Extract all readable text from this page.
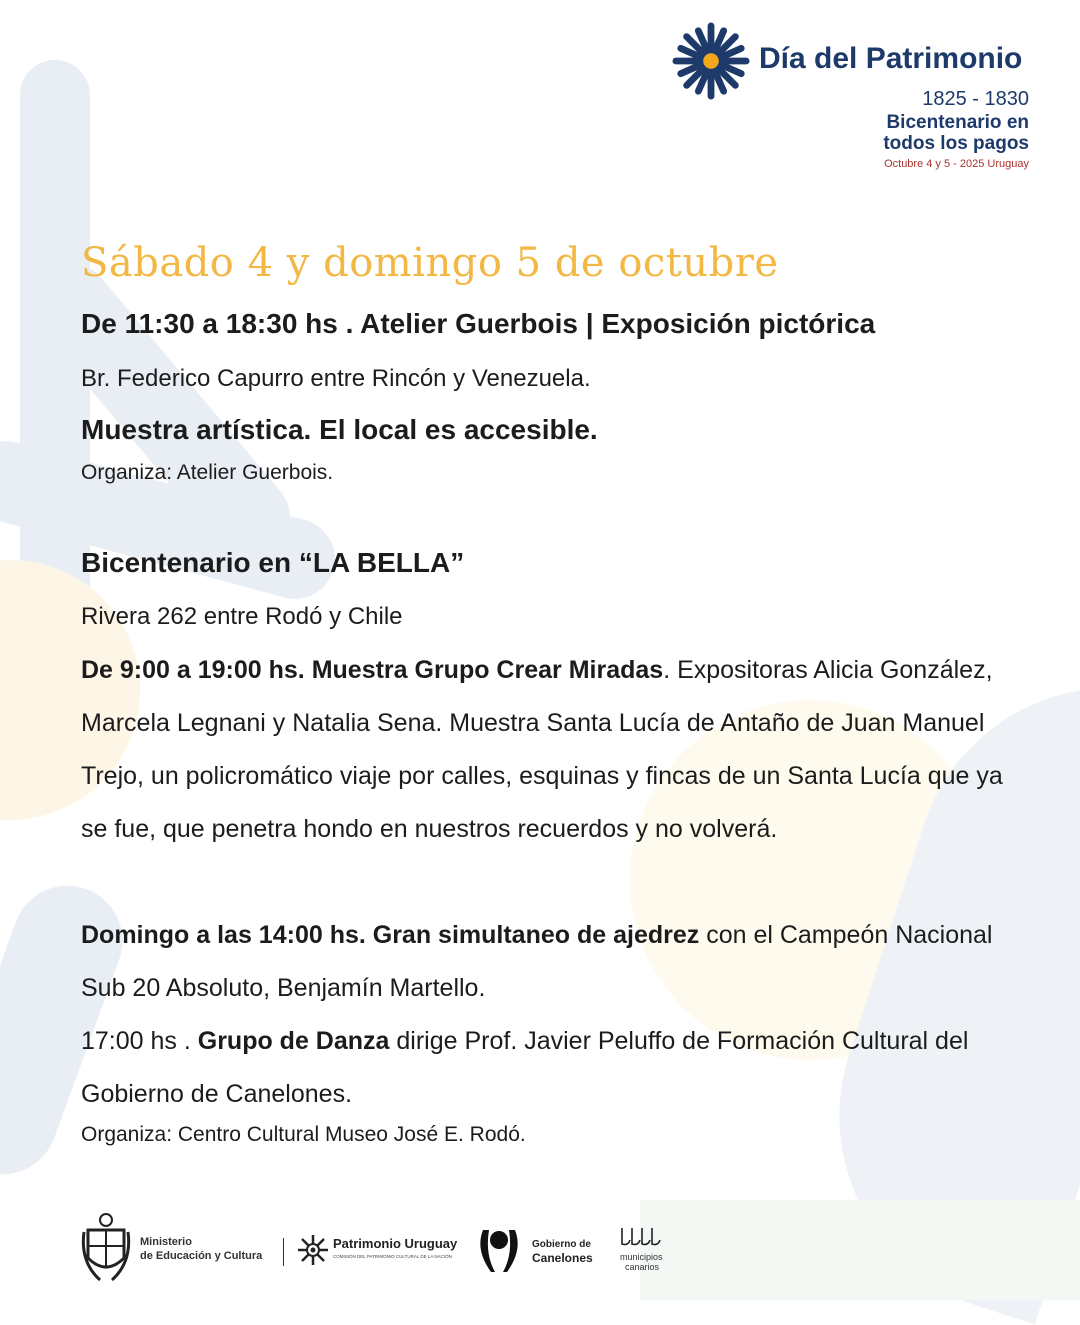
Día del Patrimonio
1825 - 1830
Bicentenario en
todos los pagos
Octubre 4 y 5 - 2025 Uruguay
Sábado 4 y domingo 5 de octubre
De 11:30 a 18:30 hs . Atelier Guerbois | Exposición pictórica
Br. Federico Capurro entre Rincón y Venezuela.
Muestra artística. El local es accesible.
Organiza: Atelier Guerbois.
Bicentenario en “LA BELLA”
Rivera 262 entre Rodó y Chile
De 9:00 a 19:00 hs. Muestra Grupo Crear Miradas. Expositoras Alicia González, Marcela Legnani y Natalia Sena. Muestra Santa Lucía de Antaño de Juan Manuel Trejo, un policromático viaje por calles, esquinas y fincas de un Santa Lucía que ya se fue, que penetra hondo en nuestros recuerdos y no volverá.
Domingo a las 14:00 hs. Gran simultaneo de ajedrez con el Campeón Nacional Sub 20 Absoluto, Benjamín Martello.
17:00 hs . Grupo de Danza dirige Prof. Javier Peluffo de Formación Cultural del Gobierno de Canelones.
Organiza: Centro Cultural Museo José E. Rodó.
Ministerio
de Educación y Cultura
Patrimonio Uruguay
COMISIÓN DEL PATRIMONIO CULTURAL DE LA NACIÓN
Gobierno de
Canelones	municipios
canarios
